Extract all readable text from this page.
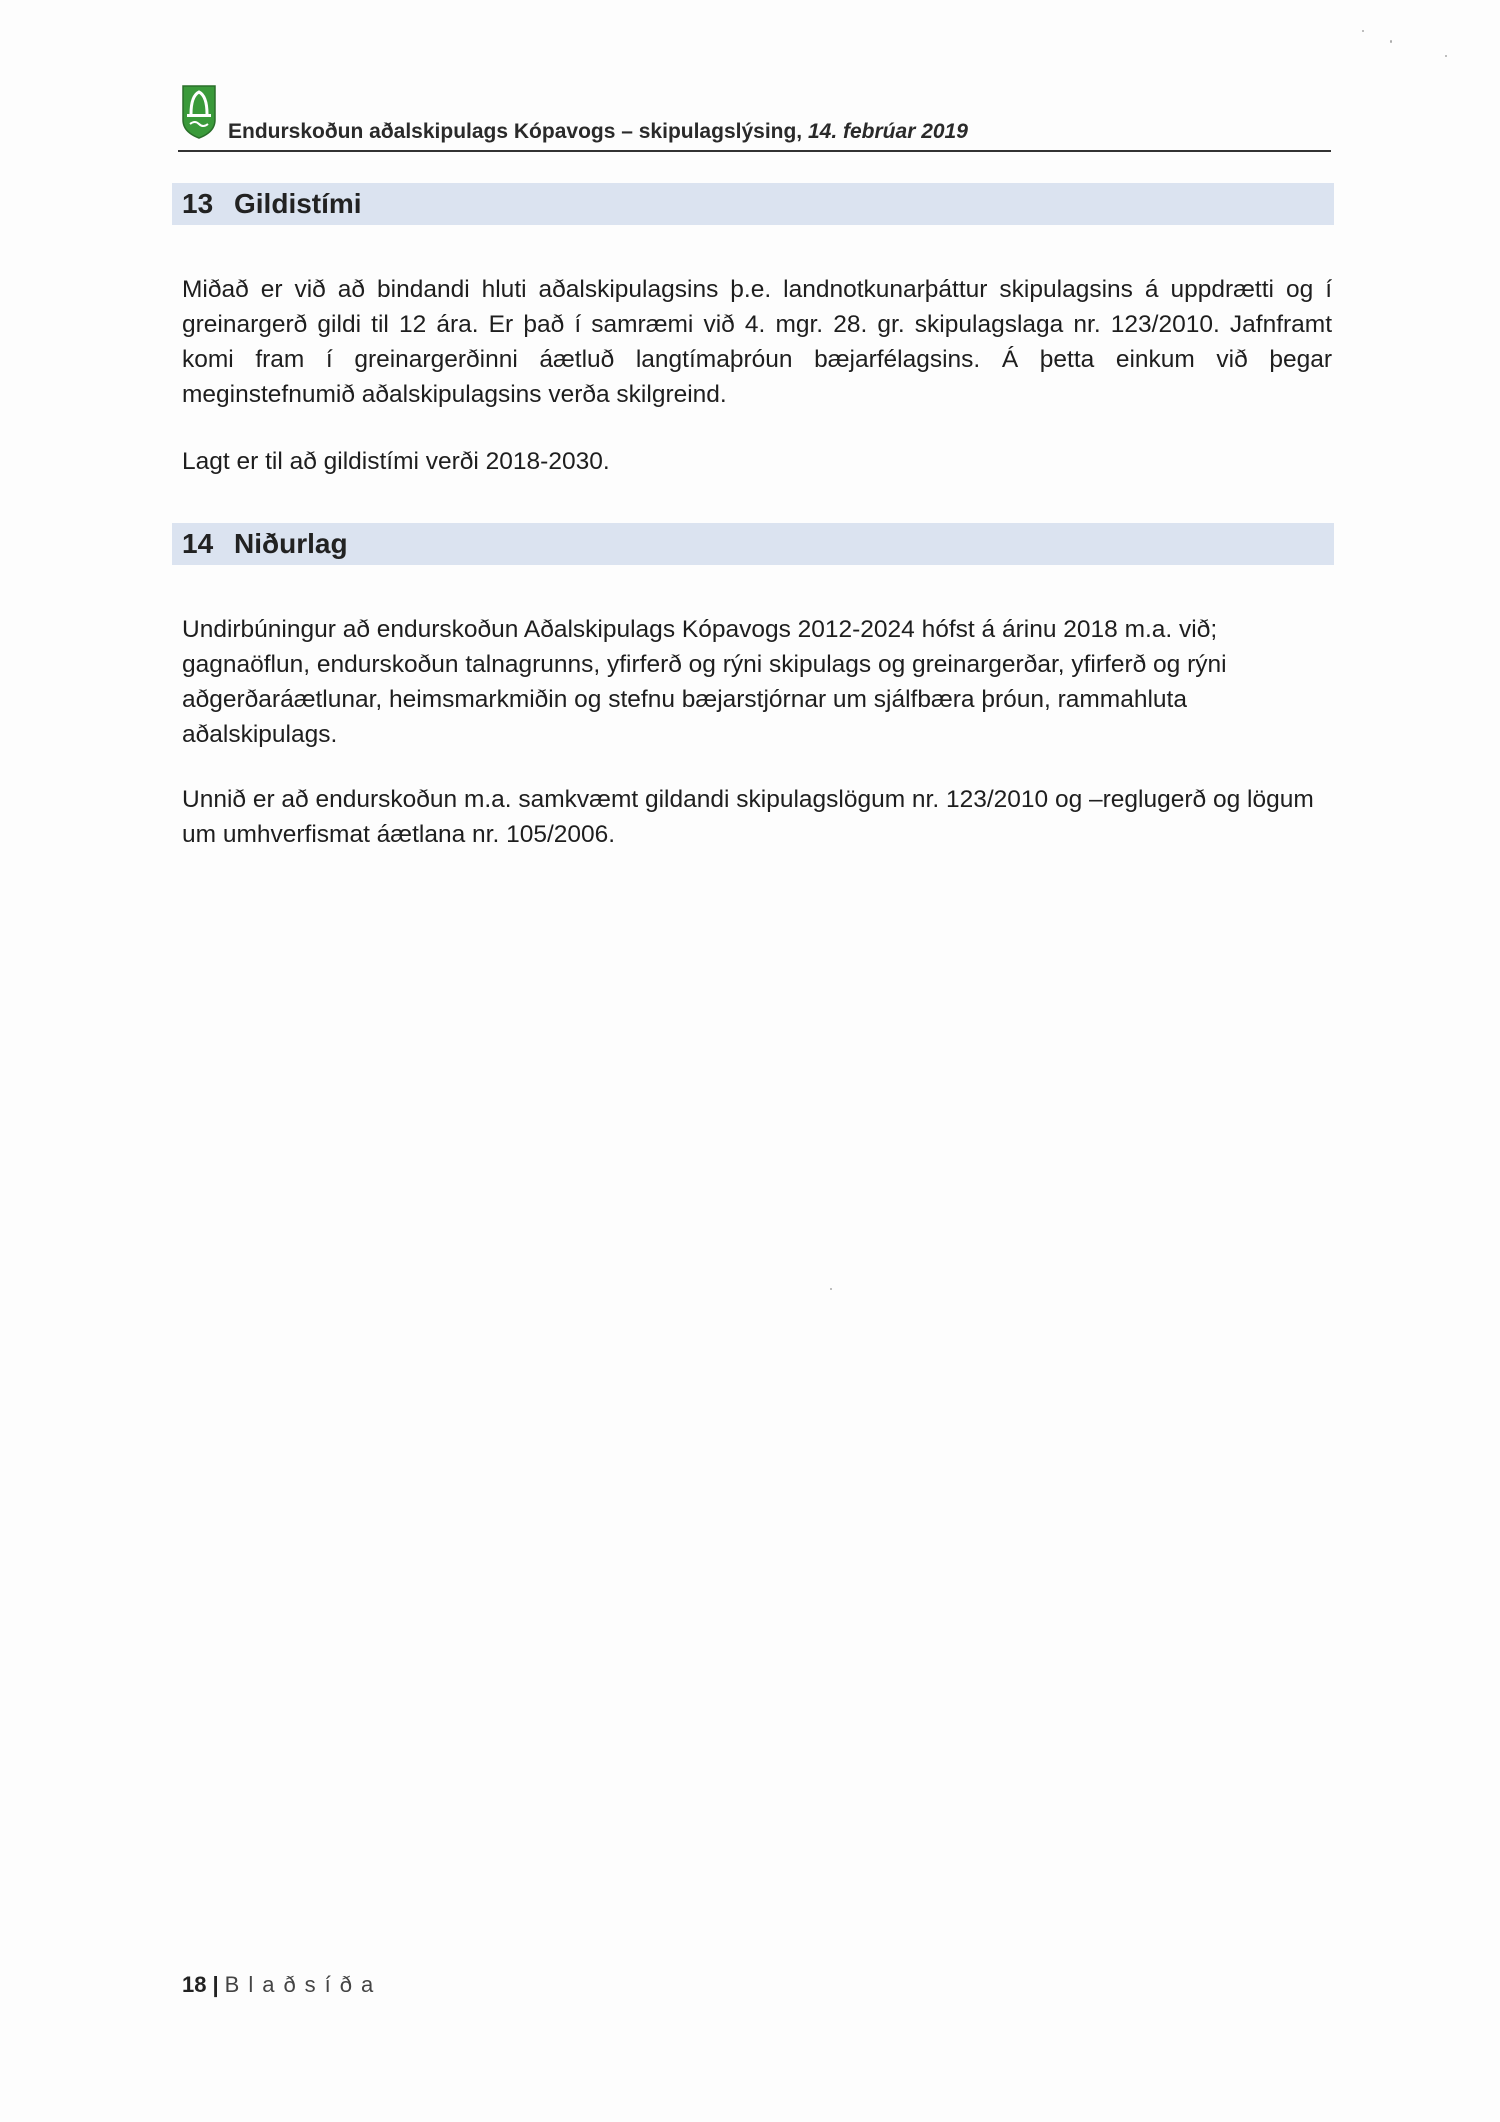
Endurskoðun aðalskipulags Kópavogs – skipulagslýsing, 14. febrúar 2019
13 Gildistími

Miðað er við að bindandi hluti aðalskipulagsins þ.e. landnotkunarþáttur skipulagsins á uppdrætti og í greinargerð gildi til 12 ára. Er það í samræmi við 4. mgr. 28. gr. skipulagslaga nr. 123/2010. Jafnframt komi fram í greinargerðinni áætluð langtímaþróun bæjarfélagsins. Á þetta einkum við þegar meginstefnumið aðalskipulagsins verða skilgreind.

Lagt er til að gildistími verði 2018-2030.

14 Niðurlag

Undirbúningur að endurskoðun Aðalskipulags Kópavogs 2012-2024 hófst á árinu 2018 m.a. við; gagnaöflun, endurskoðun talnagrunns, yfirferð og rýni skipulags og greinargerðar, yfirferð og rýni aðgerðaráætlunar, heimsmarkmiðin og stefnu bæjarstjórnar um sjálfbæra þróun, rammahluta aðalskipulags.

Unnið er að endurskoðun m.a. samkvæmt gildandi skipulagslögum nr. 123/2010 og –reglugerð og lögum um umhverfismat áætlana nr. 105/2006.

18 | Blaðsíða
